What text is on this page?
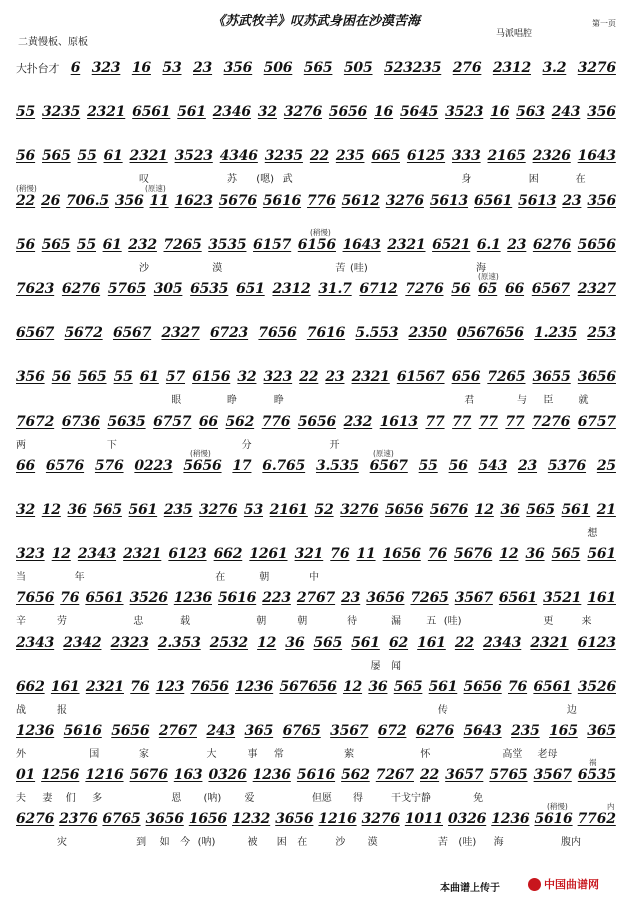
《苏武牧羊》叹苏武身困在沙漠苦海	第一页
二黄慢板、原板
马派唱腔
大扑台才 6 323 16 53 23 356 506 565 505 523235 276 2312 3.2 3276
55 3235 2321 6561 561 2346 32 3276 5656 16 5645 3523 16 563 243 356
56 565 55 61 2321 3523 4346 3235 22 235 665 6125 333 2165 2326 1643
叹	苏 (嗯) 武	身	困	在
(稍慢)	(原速)
22 26 706.5 356 11 1623 5676 5616 776 5612 3276 5613 6561 5613 23 356
(稍慢)
56 565 55 61 232 7265 3535 6157 6156 1643 2321 6521 6.1 23 6276 5656
沙	漠	苦 (哇)	海
(原速)
7623 6276 5765 305 6535 651 2312 31.7 6712 7276 56 65 66 6567 2327
6567 5672 6567 2327 6723 7656 7616 5.553 2350 0567656 1.235 253
356 56 565 55 61 57 6156 32 323 22 23 2321 61567 656 7265 3655 3656
眼	睁	睁	君	与 臣	就
7672 6736 5635 6757 66 562 776 5656 232 1613 77 77 77 77 7276 6757
两	下	分	开
(稍慢)	(原速)
66 6576 576 0223 5656 17 6.765 3.535 6567 55 56 543 23 5376 25
32 12 36 565 561 235 3276 53 2161 52 3276 5656 5676 12 36 565 561 21
想
323 12 2343 2321 6123 662 1261 321 76 11 1656 76 5676 12 36 565 561
当	年	在	朝	中
7656 76 6561 3526 1236 5616 223 2767 23 3656 7265 3567 6561 3521 161
辛	劳	忠	载	朝	朝	待	漏	五 (哇)	更	来
2343 2342 2323 2.353 2532 12 36 565 561 62 161 22 2343 2321 6123
屡 闻
662 161 2321 76 123 7656 1236 567656 12 36 565 561 5656 76 6561 3526
战	报	传	边
1236 5616 5656 2767 243 365 6765 3567 672 6276 5643 235 165 365
外	国	家	大	事 常	萦	怀	高堂 老母
祸
01 1256 1216 5676 163 0326 1236 5616 562 7267 22 3657 5765 3567 6535
夫 妻 们 多	恩 (呐) 爱	但愿 得	干戈宁静	免
(稍慢)	内
6276 2376 6765 3656 1656 1232 3656 1216 3276 1011 0326 1236 5616 7762
灾	到 如 今 (呐)	被 困 在	沙 漠	苦 (哇) 海	腹内
本曲谱上传于	中国曲谱网
